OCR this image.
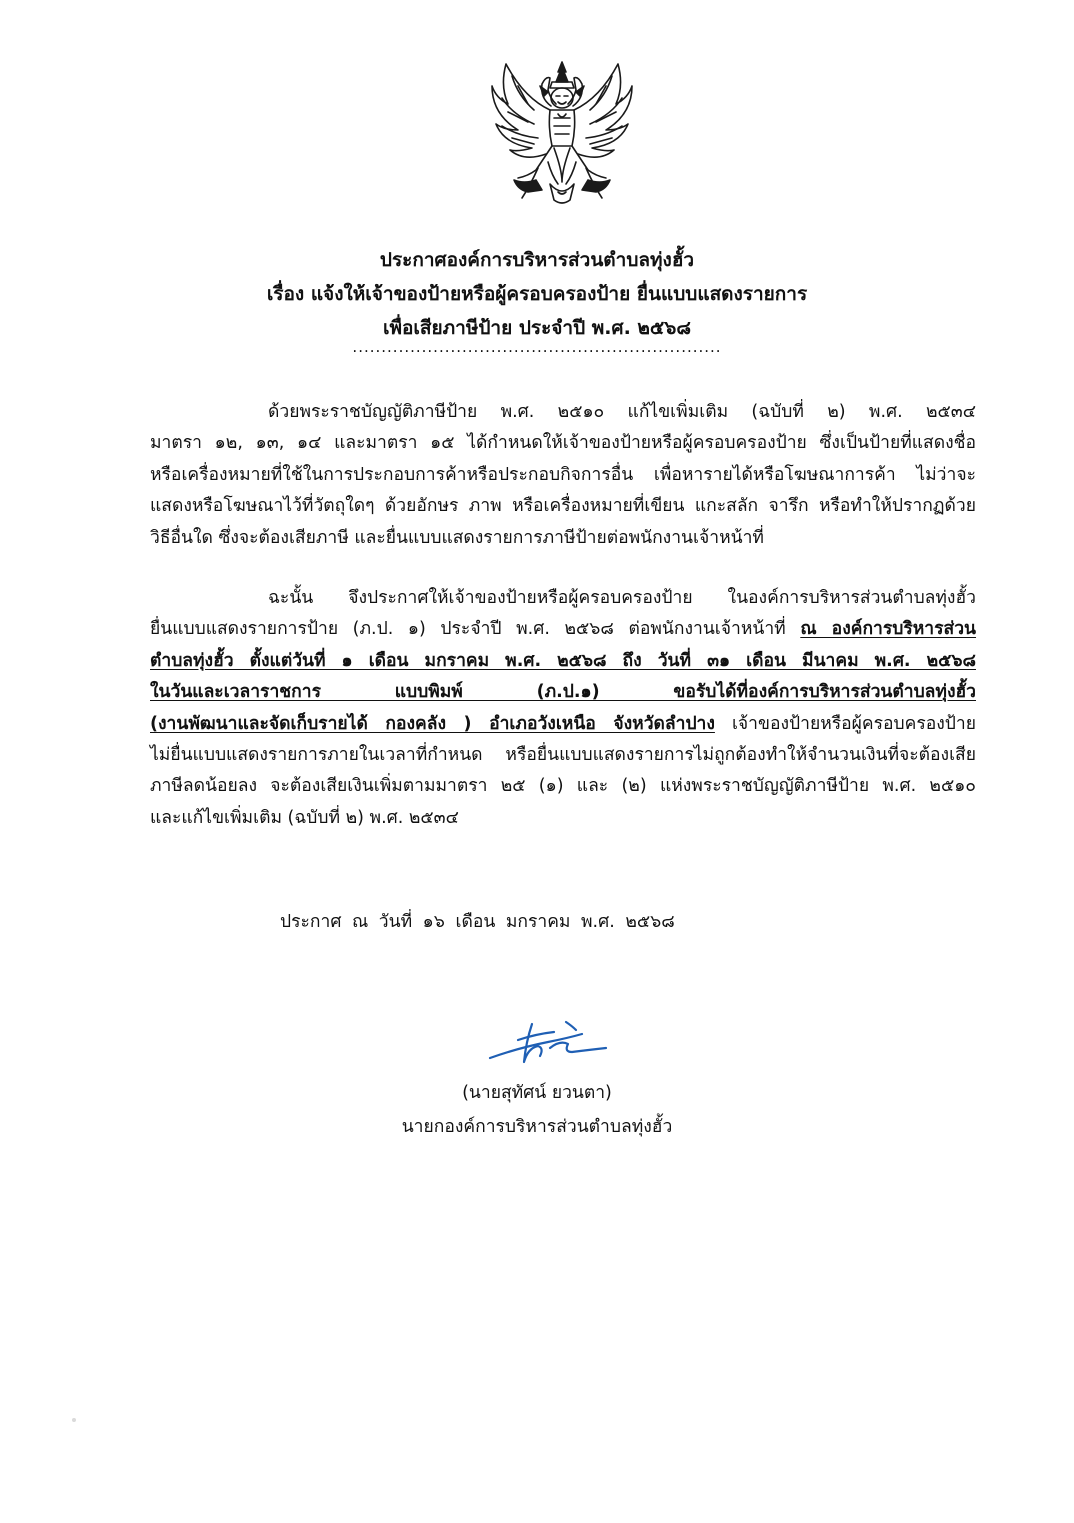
ประกาศองค์การบริหารส่วนตำบลทุ่งฮั้ว
เรื่อง แจ้งให้เจ้าของป้ายหรือผู้ครอบครองป้าย ยื่นแบบแสดงรายการ
เพื่อเสียภาษีป้าย ประจำปี พ.ศ. ๒๕๖๘
................................................................
ด้วยพระราชบัญญัติภาษีป้าย พ.ศ. ๒๕๑๐ แก้ไขเพิ่มเติม (ฉบับที่ ๒) พ.ศ. ๒๕๓๔
มาตรา ๑๒, ๑๓, ๑๔ และมาตรา ๑๕ ได้กำหนดให้เจ้าของป้ายหรือผู้ครอบครองป้าย ซึ่งเป็นป้ายที่แสดงชื่อ
หรือเครื่องหมายที่ใช้ในการประกอบการค้าหรือประกอบกิจการอื่น เพื่อหารายได้หรือโฆษณาการค้า ไม่ว่าจะ
แสดงหรือโฆษณาไว้ที่วัตถุใดๆ ด้วยอักษร ภาพ หรือเครื่องหมายที่เขียน แกะสลัก จารึก หรือทำให้ปรากฏด้วย
วิธีอื่นใด ซึ่งจะต้องเสียภาษี และยื่นแบบแสดงรายการภาษีป้ายต่อพนักงานเจ้าหน้าที่
ฉะนั้น จึงประกาศให้เจ้าของป้ายหรือผู้ครอบครองป้าย ในองค์การบริหารส่วนตำบลทุ่งฮั้ว
ยื่นแบบแสดงรายการป้าย (ภ.ป. ๑) ประจำปี พ.ศ. ๒๕๖๘ ต่อพนักงานเจ้าหน้าที่ ณ องค์การบริหารส่วน
ตำบลทุ่งฮั้ว ตั้งแต่วันที่ ๑ เดือน มกราคม พ.ศ. ๒๕๖๘ ถึง วันที่ ๓๑ เดือน มีนาคม พ.ศ. ๒๕๖๘
ในวันและเวลาราชการ แบบพิมพ์ (ภ.ป.๑) ขอรับได้ที่องค์การบริหารส่วนตำบลทุ่งฮั้ว
(งานพัฒนาและจัดเก็บรายได้ กองคลัง ) อำเภอวังเหนือ จังหวัดลำปาง เจ้าของป้ายหรือผู้ครอบครองป้าย
ไม่ยื่นแบบแสดงรายการภายในเวลาที่กำหนด หรือยื่นแบบแสดงรายการไม่ถูกต้องทำให้จำนวนเงินที่จะต้องเสีย
ภาษีลดน้อยลง จะต้องเสียเงินเพิ่มตามมาตรา ๒๕ (๑) และ (๒) แห่งพระราชบัญญัติภาษีป้าย พ.ศ. ๒๕๑๐
และแก้ไขเพิ่มเติม (ฉบับที่ ๒) พ.ศ. ๒๕๓๔
ประกาศ ณ วันที่ ๑๖ เดือน มกราคม พ.ศ. ๒๕๖๘
(นายสุทัศน์ ยวนตา)
นายกองค์การบริหารส่วนตำบลทุ่งฮั้ว
